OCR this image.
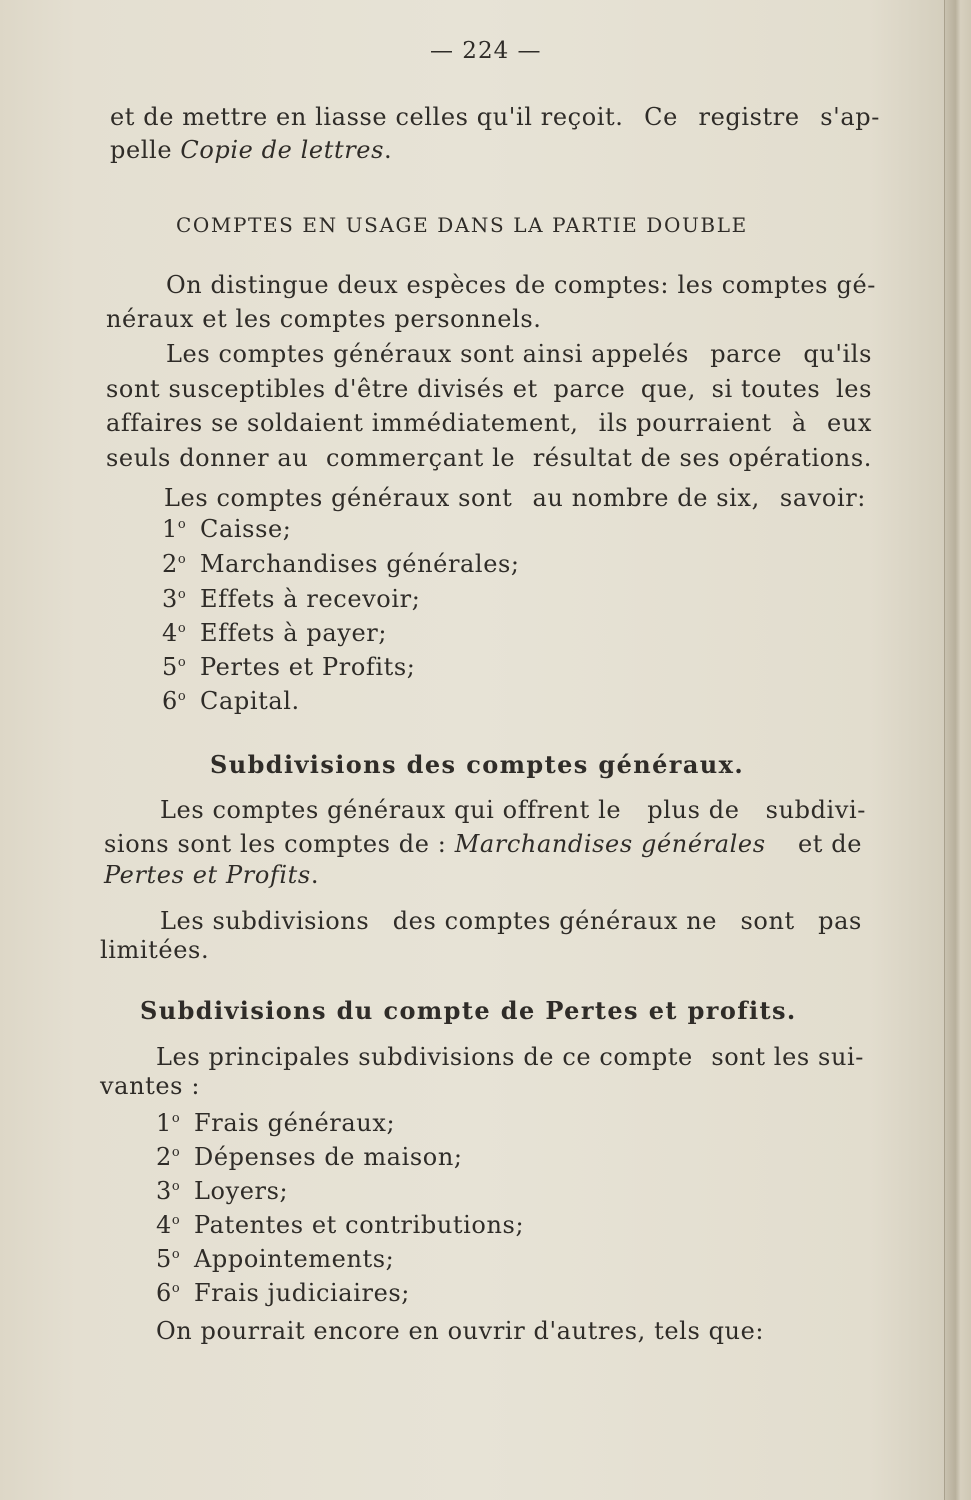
— 224 —
et de mettre en liasse celles qu'il reçoit. Ce registre s'ap-
pelle Copie de lettres.
COMPTES EN USAGE DANS LA PARTIE DOUBLE
On distingue deux espèces de comptes: les comptes gé-
néraux et les comptes personnels.
Les comptes généraux sont ainsi appelés parce qu'ils
sont susceptibles d'être divisés et parce que, si toutes les
affaires se soldaient immédiatement, ils pourraient à eux
seuls donner au commerçant le résultat de ses opérations.
Les comptes généraux sont au nombre de six, savoir:
1$^o$ Caisse;
2$^o$ Marchandises générales;
3$^o$ Effets à recevoir;
4$^o$ Effets à payer;
5$^o$ Pertes et Profits;
6$^o$ Capital.
Subdivisions des comptes généraux.
Les comptes généraux qui offrent le plus de subdivi-
sions sont les comptes de : Marchandises générales et de
Pertes et Profits.
Les subdivisions des comptes généraux ne sont pas
limitées.
Subdivisions du compte de Pertes et profits.
Les principales subdivisions de ce compte sont les sui-
vantes :
1$^o$ Frais généraux;
2$^o$ Dépenses de maison;
3$^o$ Loyers;
4$^o$ Patentes et contributions;
5$^o$ Appointements;
6$^o$ Frais judiciaires;
On pourrait encore en ouvrir d'autres, tels que:
